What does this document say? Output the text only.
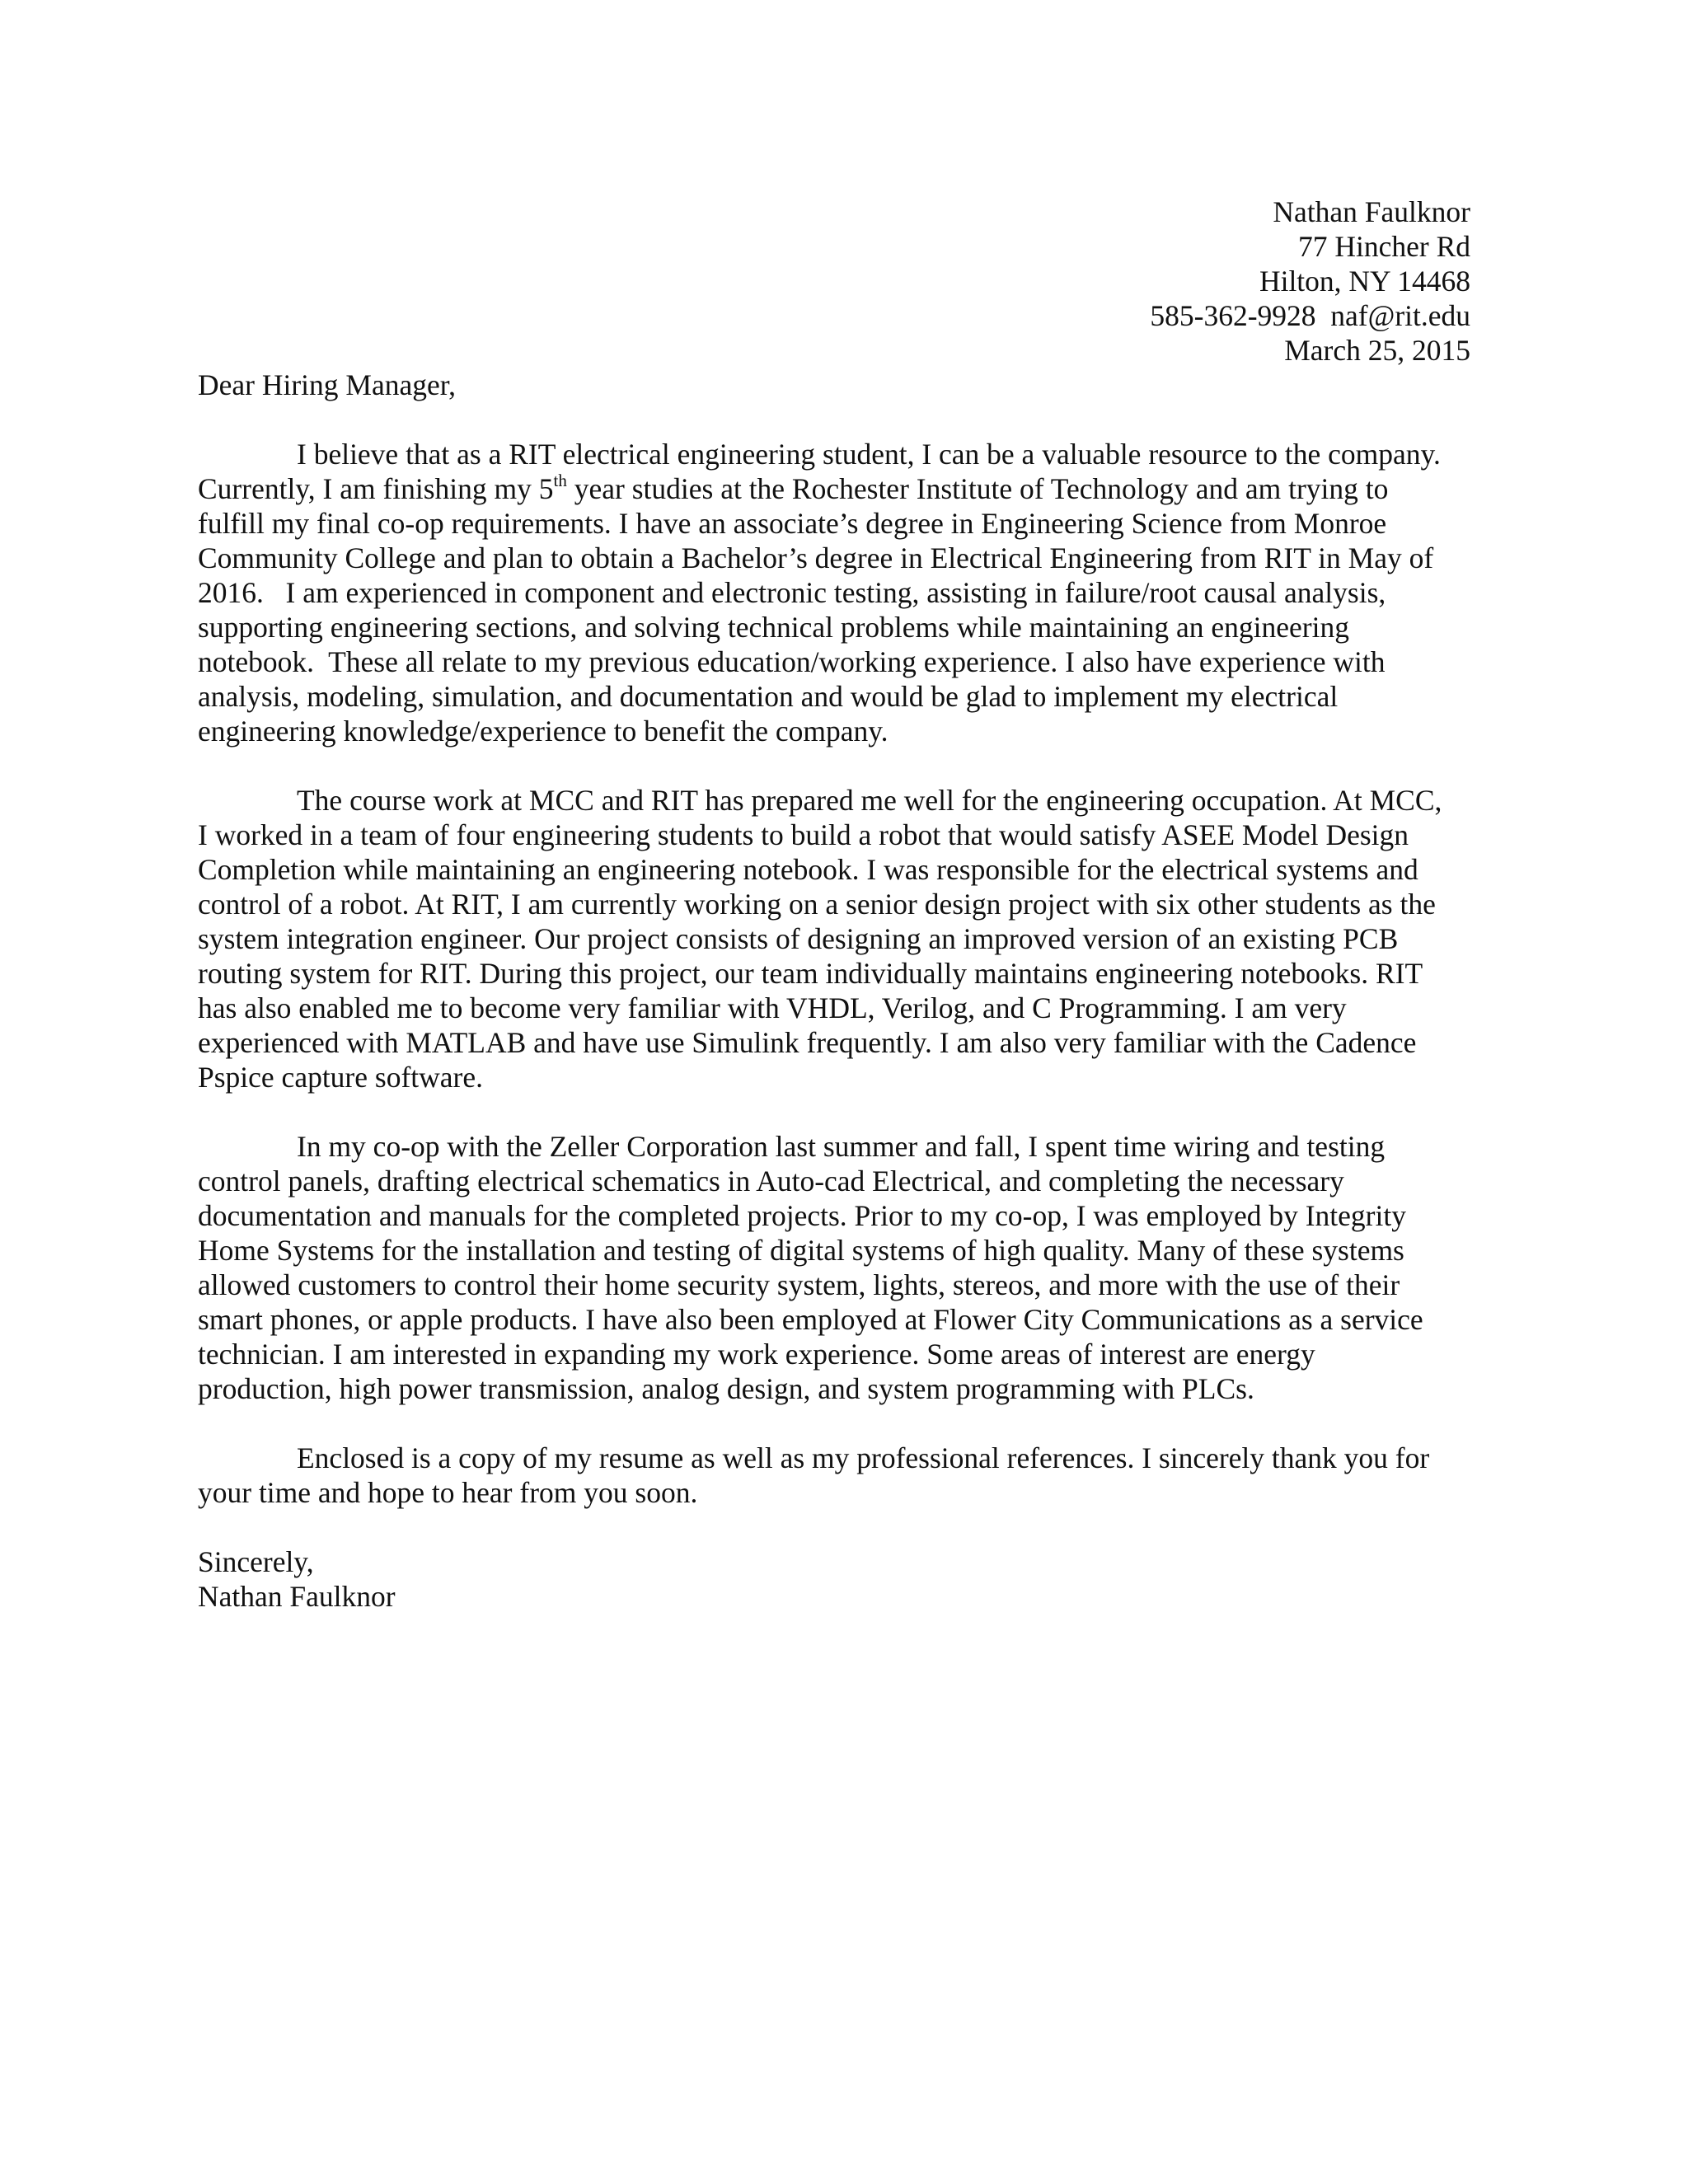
Nathan Faulknor
77 Hincher Rd
Hilton, NY 14468
585-362-9928 naf@rit.edu
March 25, 2015
Dear Hiring Manager,
I believe that as a RIT electrical engineering student, I can be a valuable resource to the company.
Currently, I am finishing my 5th year studies at the Rochester Institute of Technology and am trying to
fulfill my final co-op requirements. I have an associate’s degree in Engineering Science from Monroe
Community College and plan to obtain a Bachelor’s degree in Electrical Engineering from RIT in May of
2016.   I am experienced in component and electronic testing, assisting in failure/root causal analysis,
supporting engineering sections, and solving technical problems while maintaining an engineering
notebook.  These all relate to my previous education/working experience. I also have experience with
analysis, modeling, simulation, and documentation and would be glad to implement my electrical
engineering knowledge/experience to benefit the company.
The course work at MCC and RIT has prepared me well for the engineering occupation. At MCC,
I worked in a team of four engineering students to build a robot that would satisfy ASEE Model Design
Completion while maintaining an engineering notebook. I was responsible for the electrical systems and
control of a robot. At RIT, I am currently working on a senior design project with six other students as the
system integration engineer. Our project consists of designing an improved version of an existing PCB
routing system for RIT. During this project, our team individually maintains engineering notebooks. RIT
has also enabled me to become very familiar with VHDL, Verilog, and C Programming. I am very
experienced with MATLAB and have use Simulink frequently. I am also very familiar with the Cadence
Pspice capture software.
In my co-op with the Zeller Corporation last summer and fall, I spent time wiring and testing
control panels, drafting electrical schematics in Auto-cad Electrical, and completing the necessary
documentation and manuals for the completed projects. Prior to my co-op, I was employed by Integrity
Home Systems for the installation and testing of digital systems of high quality. Many of these systems
allowed customers to control their home security system, lights, stereos, and more with the use of their
smart phones, or apple products. I have also been employed at Flower City Communications as a service
technician. I am interested in expanding my work experience. Some areas of interest are energy
production, high power transmission, analog design, and system programming with PLCs.
Enclosed is a copy of my resume as well as my professional references. I sincerely thank you for
your time and hope to hear from you soon.
Sincerely,
Nathan Faulknor
